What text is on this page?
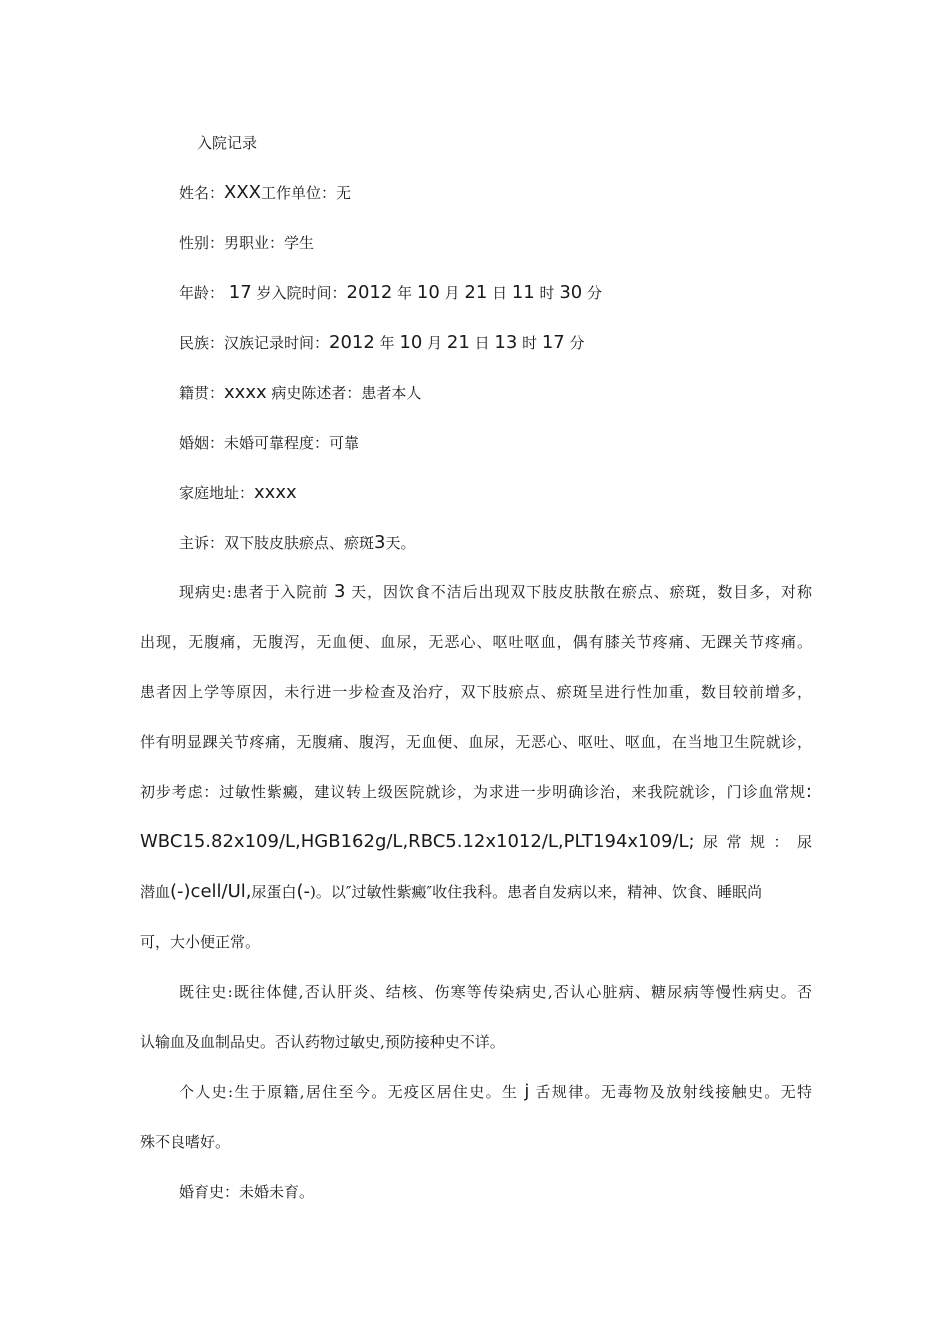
入院记录
姓名：XXX工作单位：无
性别：男职业：学生
年龄： 17 岁入院时间：2012 年 10 月 21 日 11 时 30 分
民族：汉族记录时间：2012 年 10 月 21 日 13 时 17 分
籍贯：xxxx 病史陈述者：患者本人
婚姻：未婚可靠程度：可靠
家庭地址：xxxx
主诉：双下肢皮肤瘀点、瘀斑3天。
现病史:患者于入院前 3 天，因饮食不洁后出现双下肢皮肤散在瘀点、瘀斑，数目多，对称
出现，无腹痛，无腹泻，无血便、血尿，无恶心、呕吐呕血，偶有膝关节疼痛、无踝关节疼痛。
患者因上学等原因，未行进一步检查及治疗，双下肢瘀点、瘀斑呈进行性加重，数目较前增多，
伴有明显踝关节疼痛，无腹痛、腹泻，无血便、血尿，无恶心、呕吐、呕血，在当地卫生院就诊，
初步考虑：过敏性紫癜，建议转上级医院就诊，为求进一步明确诊治，来我院就诊，门诊血常规:
WBC15.82x109/L,HGB162g/L,RBC5.12x1012/L,PLT194x109/L;尿常规：尿
潜血(-)cell/Ul,尿蛋白(-)。以″过敏性紫癜″收住我科。患者自发病以来，精神、饮食、睡眠尚
可，大小便正常。
既往史:既往体健,否认肝炎、结核、伤寒等传染病史,否认心脏病、糖尿病等慢性病史。否
认输血及血制品史。否认药物过敏史,预防接种史不详。
个人史:生于原籍,居住至今。无疫区居住史。生 j 舌规律。无毒物及放射线接触史。无特
殊不良嗜好。
婚育史：未婚未育。
